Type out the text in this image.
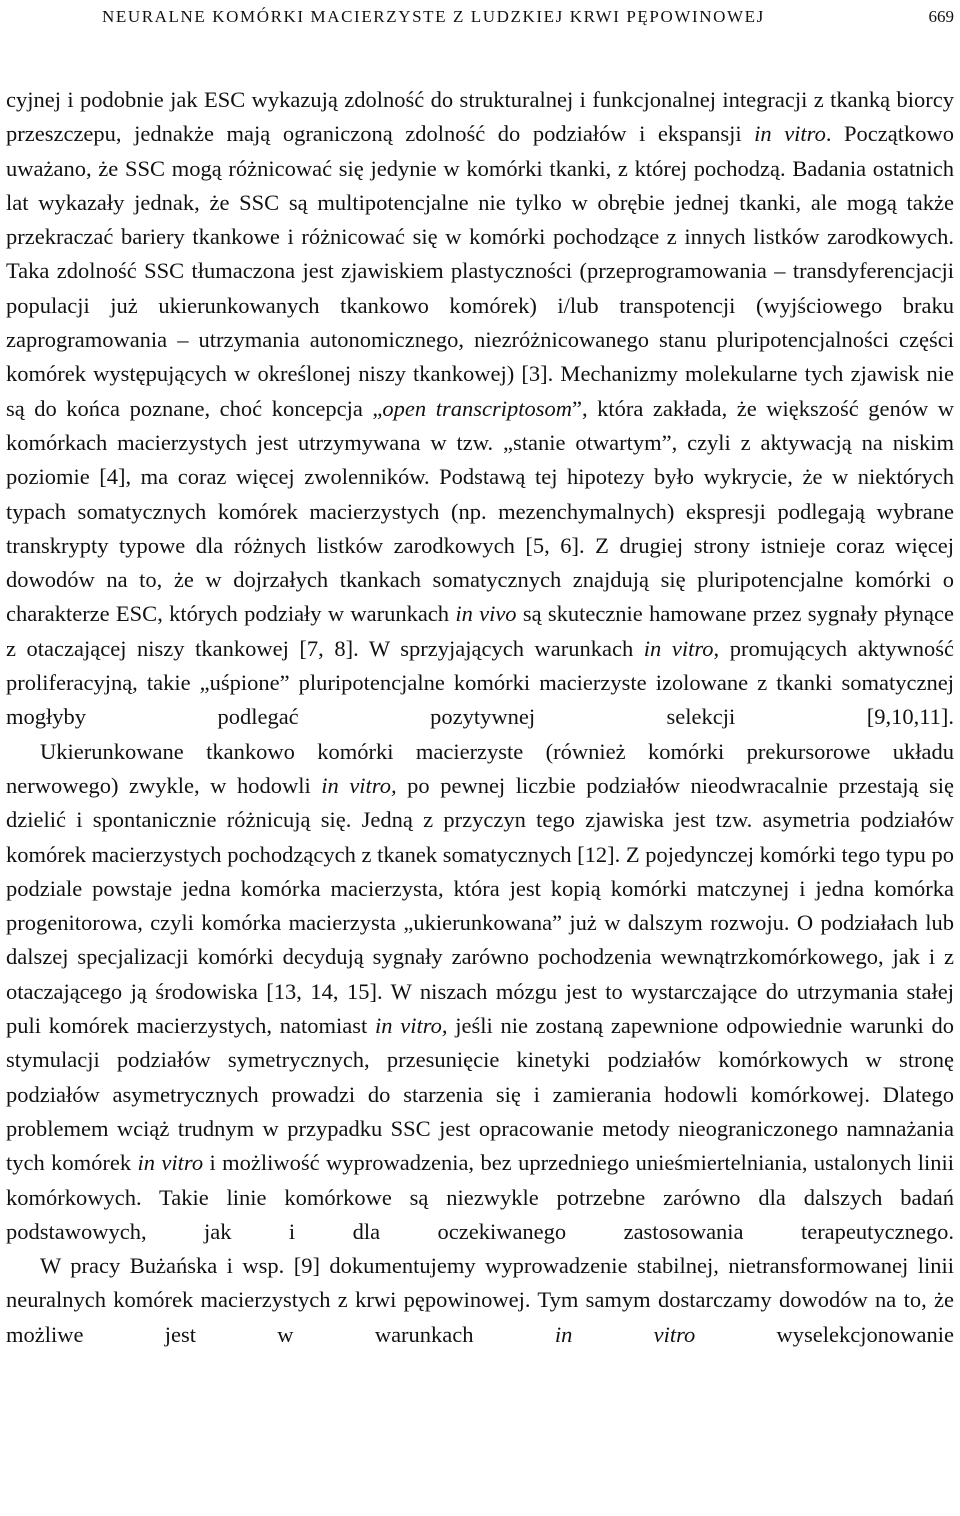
NEURALNE KOMÓRKI MACIERZYSTE Z LUDZKIEJ KRWI PĘPOWINOWEJ	669

cyjnej i podobnie jak ESC wykazują zdolność do strukturalnej i funkcjonalnej integracji z tkanką biorcy przeszczepu, jednakże mają ograniczoną zdolność do podziałów i ekspansji in vitro. Początkowo uważano, że SSC mogą różnicować się jedynie w komórki tkanki, z której pochodzą. Badania ostatnich lat wykazały jednak, że SSC są multipotencjalne nie tylko w obrębie jednej tkanki, ale mogą także przekraczać bariery tkankowe i różnicować się w komórki pochodzące z innych listków zarodkowych. Taka zdolność SSC tłumaczona jest zjawiskiem plastyczności (przeprogramowania – transdyferencjacji populacji już ukierunkowanych tkankowo komórek) i/lub transpotencji (wyjściowego braku zaprogramowania – utrzymania autonomicznego, niezróżnicowanego stanu pluripotencjalności części komórek występujących w określonej niszy tkankowej) [3]. Mechanizmy molekularne tych zjawisk nie są do końca poznane, choć koncepcja „open transcriptosom”, która zakłada, że większość genów w komórkach macierzystych jest utrzymywana w tzw. „stanie otwartym”, czyli z aktywacją na niskim poziomie [4], ma coraz więcej zwolenników. Podstawą tej hipotezy było wykrycie, że w niektórych typach somatycznych komórek macierzystych (np. mezenchymalnych) ekspresji podlegają wybrane transkrypty typowe dla różnych listków zarodkowych [5, 6]. Z drugiej strony istnieje coraz więcej dowodów na to, że w dojrzałych tkankach somatycznych znajdują się pluripotencjalne komórki o charakterze ESC, których podziały w warunkach in vivo są skutecznie hamowane przez sygnały płynące z otaczającej niszy tkankowej [7, 8]. W sprzyjających warunkach in vitro, promujących aktywność proliferacyjną, takie „uśpione” pluripotencjalne komórki macierzyste izolowane z tkanki somatycznej mogłyby podlegać pozytywnej selekcji [9,10,11].

Ukierunkowane tkankowo komórki macierzyste (również komórki prekursorowe układu nerwowego) zwykle, w hodowli in vitro, po pewnej liczbie podziałów nieodwracalnie przestają się dzielić i spontanicznie różnicują się. Jedną z przyczyn tego zjawiska jest tzw. asymetria podziałów komórek macierzystych pochodzących z tkanek somatycznych [12]. Z pojedynczej komórki tego typu po podziale powstaje jedna komórka macierzysta, która jest kopią komórki matczynej i jedna komórka progenitorowa, czyli komórka macierzysta „ukierunkowana” już w dalszym rozwoju. O podziałach lub dalszej specjalizacji komórki decydują sygnały zarówno pochodzenia wewnątrzkomórkowego, jak i z otaczającego ją środowiska [13, 14, 15]. W niszach mózgu jest to wystarczające do utrzymania stałej puli komórek macierzystych, natomiast in vitro, jeśli nie zostaną zapewnione odpowiednie warunki do stymulacji podziałów symetrycznych, przesunięcie kinetyki podziałów komórkowych w stronę podziałów asymetrycznych prowadzi do starzenia się i zamierania hodowli komórkowej. Dlatego problemem wciąż trudnym w przypadku SSC jest opracowanie metody nieograniczonego namnażania tych komórek in vitro i możliwość wyprowadzenia, bez uprzedniego unieśmiertelniania, ustalonych linii komórkowych. Takie linie komórkowe są niezwykle potrzebne zarówno dla dalszych badań podstawowych, jak i dla oczekiwanego zastosowania terapeutycznego.

W pracy Bużańska i wsp. [9] dokumentujemy wyprowadzenie stabilnej, nietransformowanej linii neuralnych komórek macierzystych z krwi pępowinowej. Tym samym dostarczamy dowodów na to, że możliwe jest w warunkach in vitro wyselekcjonowanie
